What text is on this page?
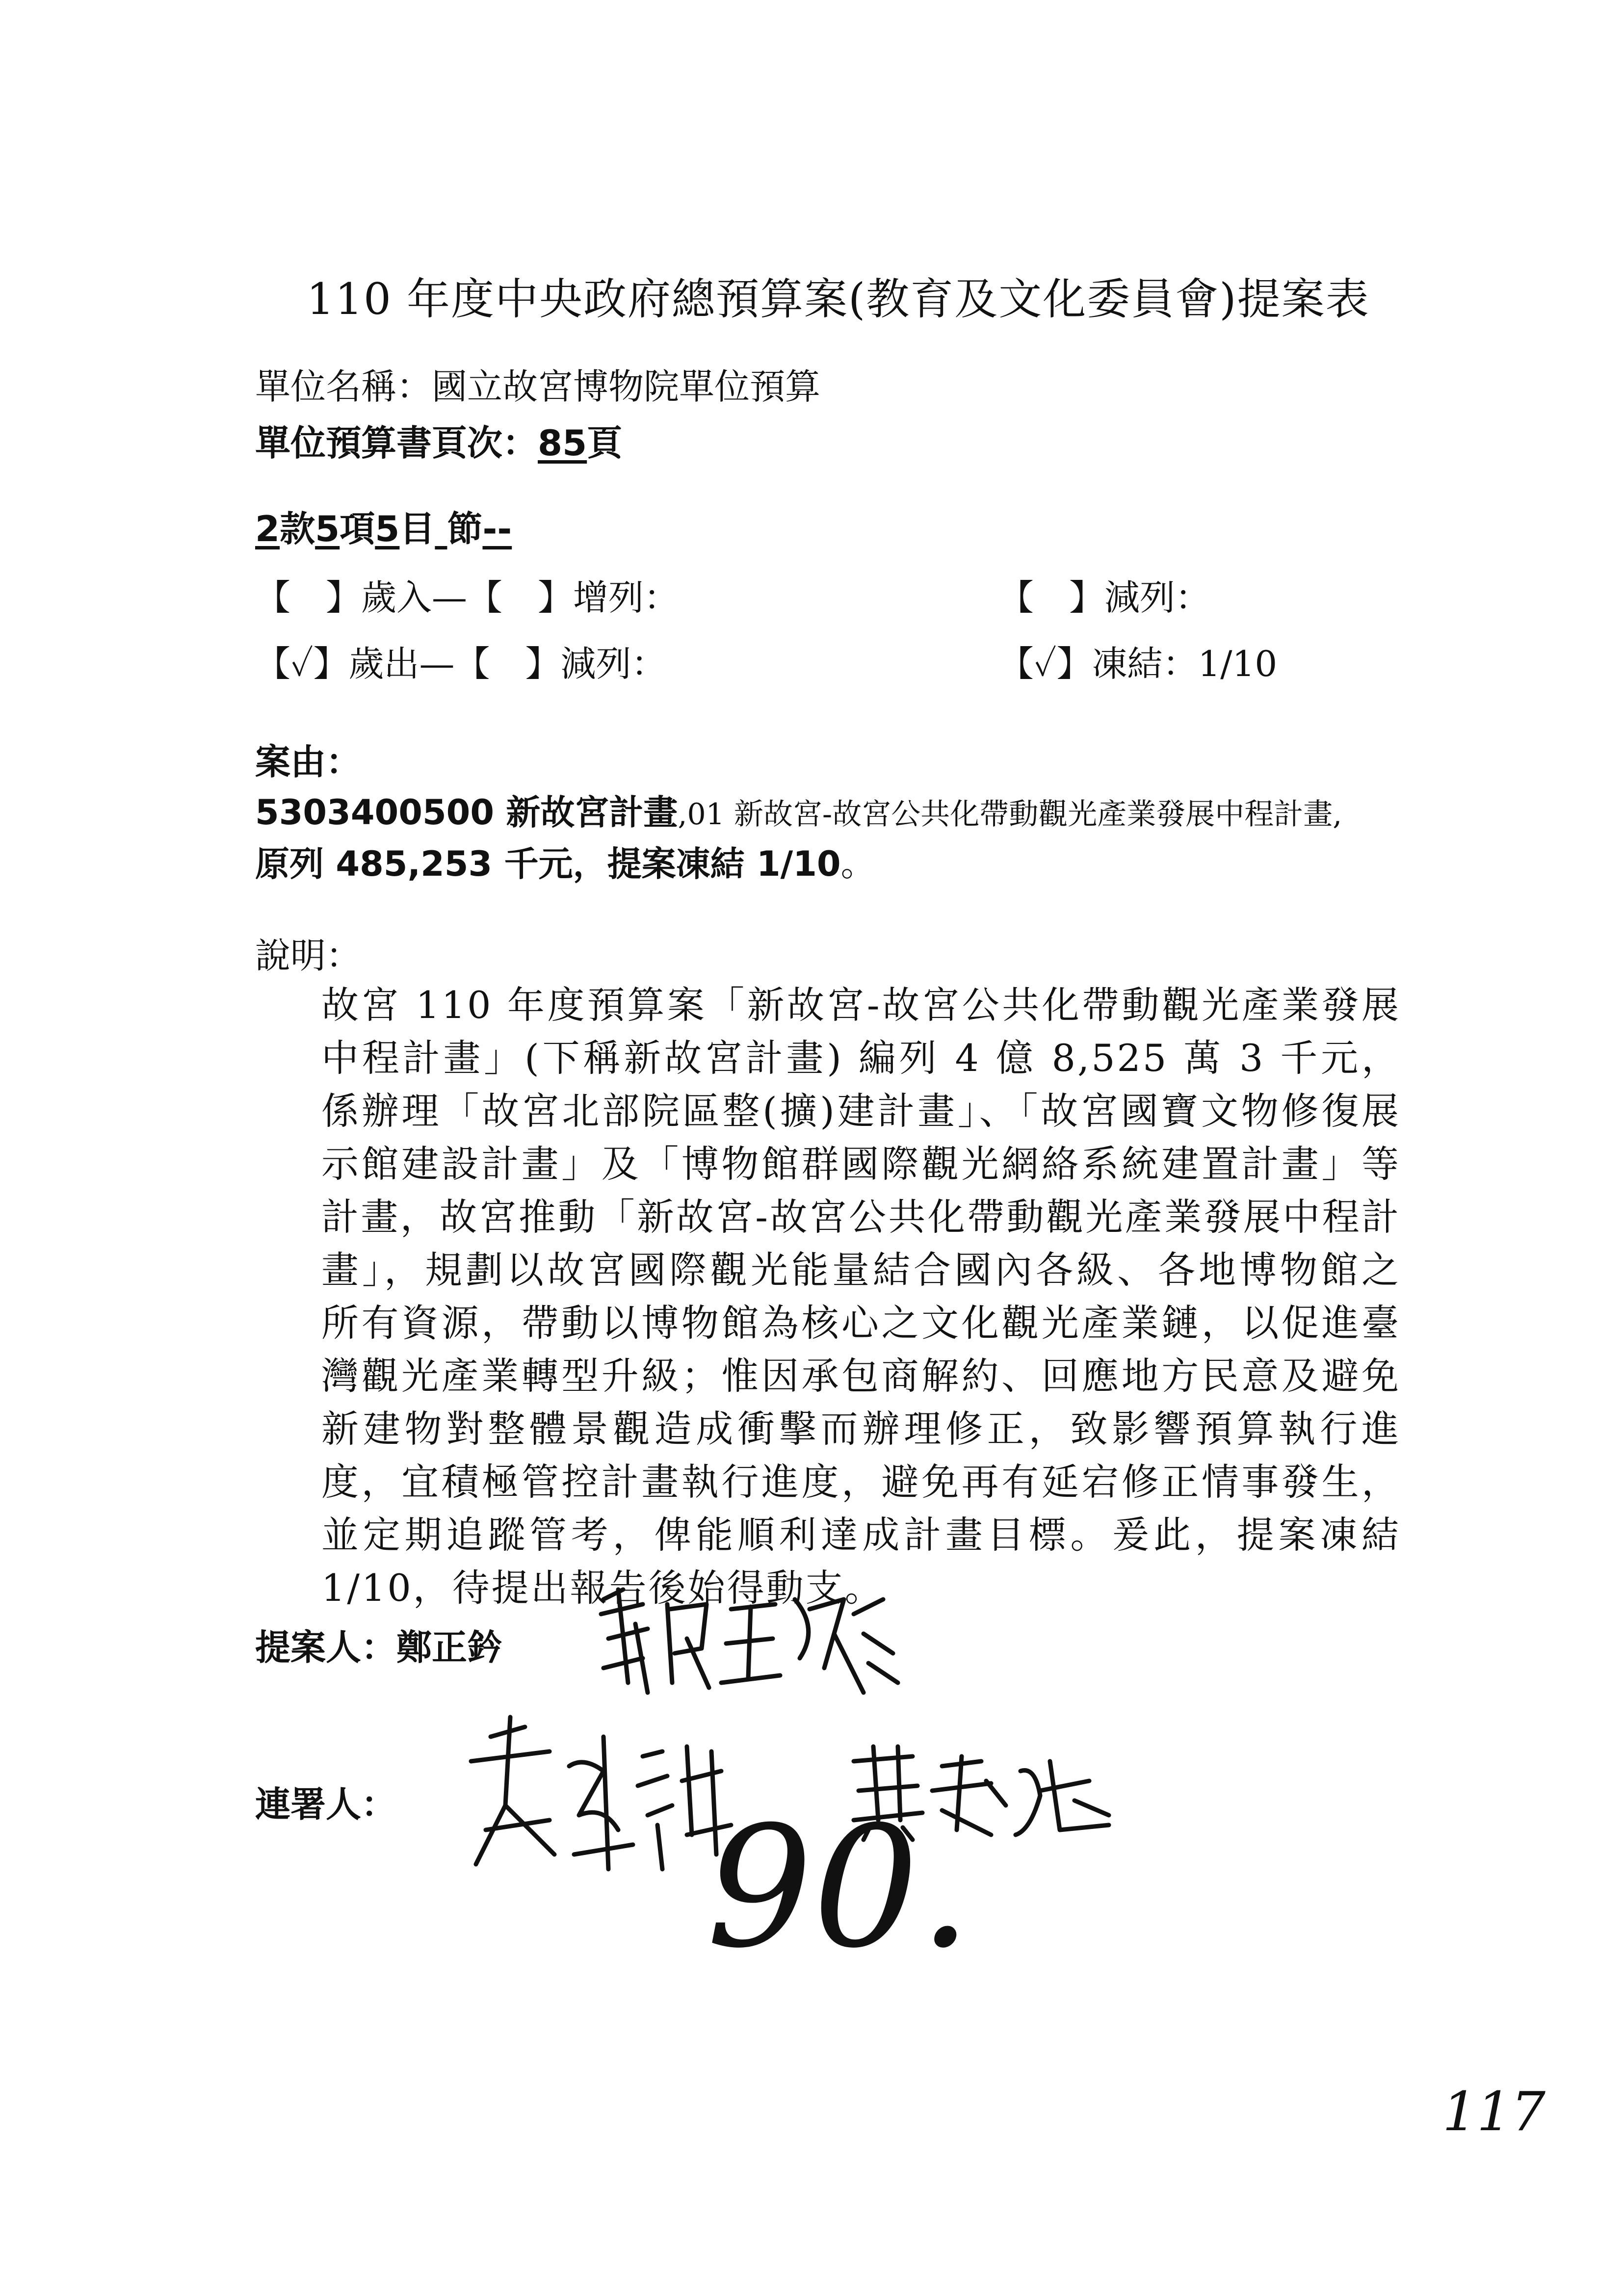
110 年度中央政府總預算案(教育及文化委員會)提案表
單位名稱：國立故宮博物院單位預算
單位預算書頁次：85頁
2款5項5目 節--
【　】歲入—【　】增列：	【　】減列：
【✓】歲出—【　】減列：	【✓】凍結：1/10
案由：
5303400500 新故宮計畫,01 新故宮-故宮公共化帶動觀光產業發展中程計畫,
原列 485,253 千元，提案凍結 1/10。
說明：

故宮 110 年度預算案「新故宮-故宮公共化帶動觀光產業發展中程計畫」(下稱新故宮計畫) 編列 4 億 8,525 萬 3 千元，係辦理「故宮北部院區整(擴)建計畫」、「故宮國寶文物修復展示館建設計畫」及「博物館群國際觀光網絡系統建置計畫」等計畫，故宮推動「新故宮-故宮公共化帶動觀光產業發展中程計畫」，規劃以故宮國際觀光能量結合國內各級、各地博物館之所有資源，帶動以博物館為核心之文化觀光產業鏈，以促進臺灣觀光產業轉型升級；惟因承包商解約、回應地方民意及避免新建物對整體景觀造成衝擊而辦理修正，致影響預算執行進度，宜積極管控計畫執行進度，避免再有延宕修正情事發生，並定期追蹤管考，俾能順利達成計畫目標。爰此，提案凍結 1/10，待提出報告後始得動支。

提案人：鄭正鈐
連署人： 90.
117
